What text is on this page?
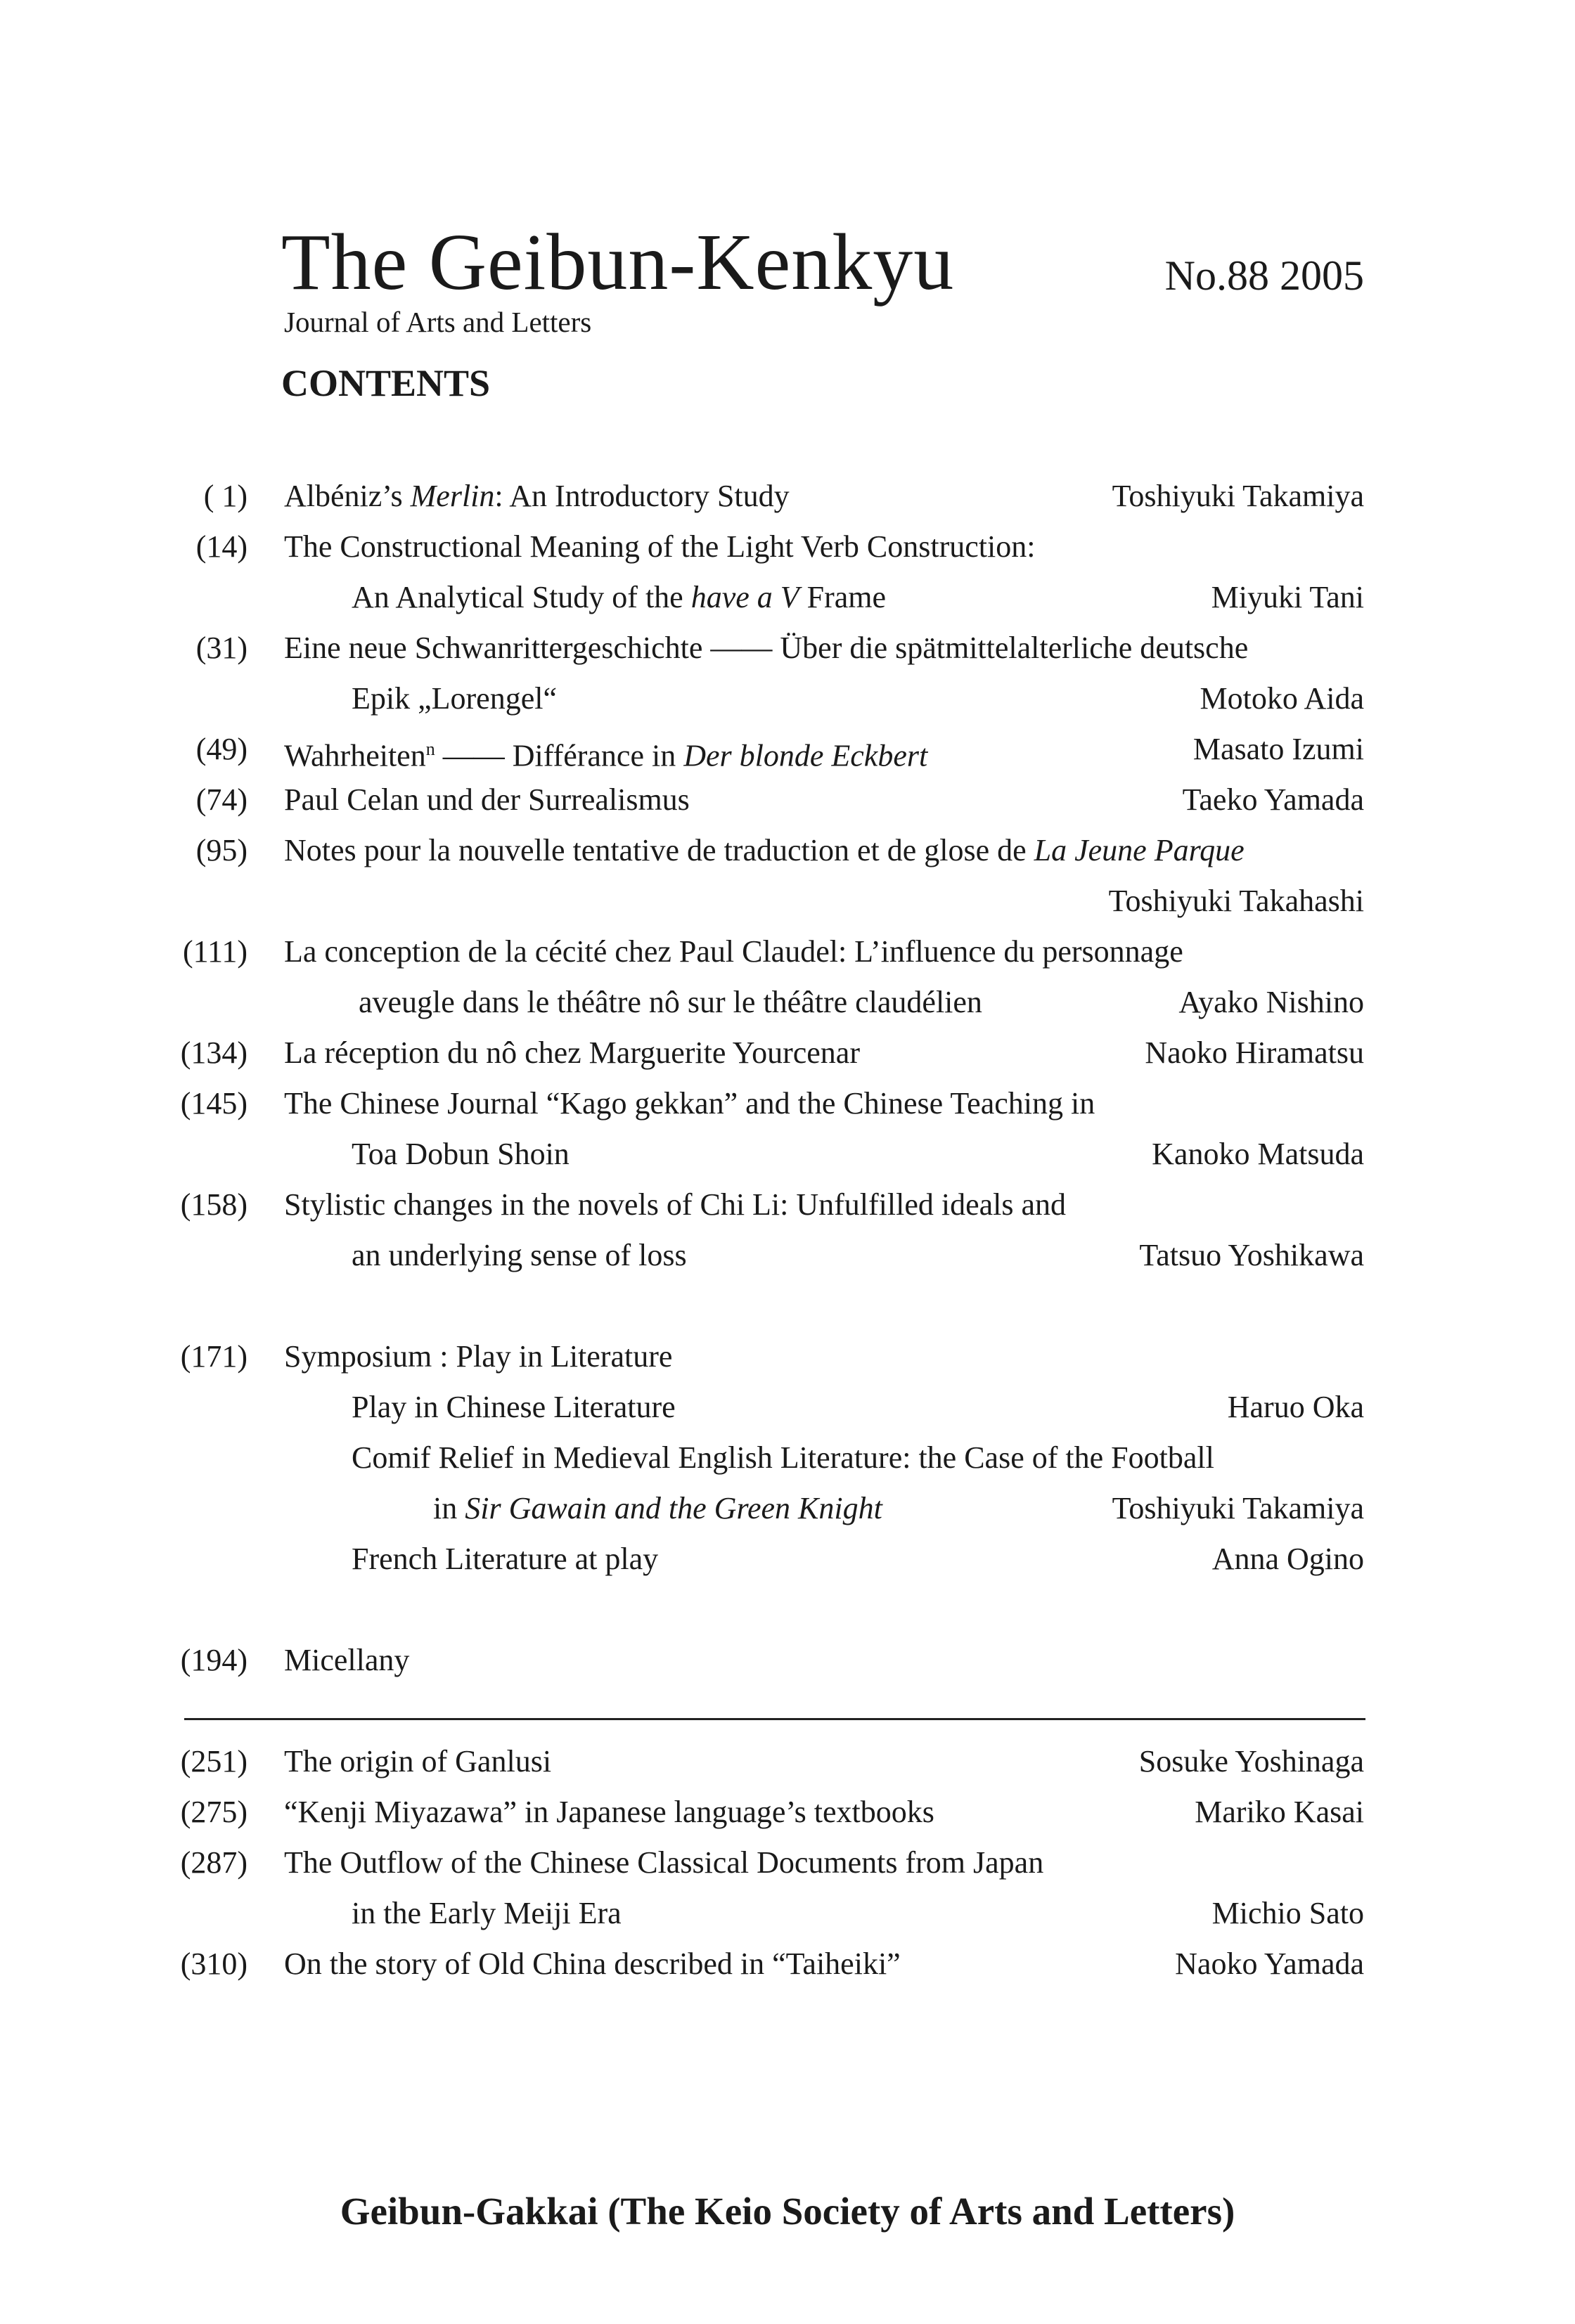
The Geibun-Kenkyu
Journal of Arts and Letters
No.88 2005
CONTENTS
( 1) Albéniz’s Merlin: An Introductory Study	Toshiyuki Takamiya
(14) The Constructional Meaning of the Light Verb Construction:
An Analytical Study of the have a V Frame	Miyuki Tani
(31) Eine neue Schwanrittergeschichte —— Über die spätmittelalterliche deutsche
Epik „Lorengel“	Motoko Aida
(49) Wahrheiten$^n$ —— Différance in Der blonde Eckbert	Masato Izumi
(74) Paul Celan und der Surrealismus	Taeko Yamada
(95) Notes pour la nouvelle tentative de traduction et de glose de La Jeune Parque
Toshiyuki Takahashi
(111) La conception de la cécité chez Paul Claudel: L’influence du personnage
aveugle dans le théâtre nô sur le théâtre claudélien	Ayako Nishino
(134) La réception du nô chez Marguerite Yourcenar	Naoko Hiramatsu
(145) The Chinese Journal “Kago gekkan” and the Chinese Teaching in
Toa Dobun Shoin	Kanoko Matsuda
(158) Stylistic changes in the novels of Chi Li: Unfulfilled ideals and
an underlying sense of loss	Tatsuo Yoshikawa
(171) Symposium : Play in Literature
Play in Chinese Literature	Haruo Oka
Comif Relief in Medieval English Literature: the Case of the Football
in Sir Gawain and the Green Knight	Toshiyuki Takamiya
French Literature at play	Anna Ogino
(194) Micellany
(251) The origin of Ganlusi	Sosuke Yoshinaga
(275) “Kenji Miyazawa” in Japanese language’s textbooks	Mariko Kasai
(287) The Outflow of the Chinese Classical Documents from Japan
in the Early Meiji Era	Michio Sato
(310) On the story of Old China described in “Taiheiki”	Naoko Yamada
Geibun-Gakkai (The Keio Society of Arts and Letters)
